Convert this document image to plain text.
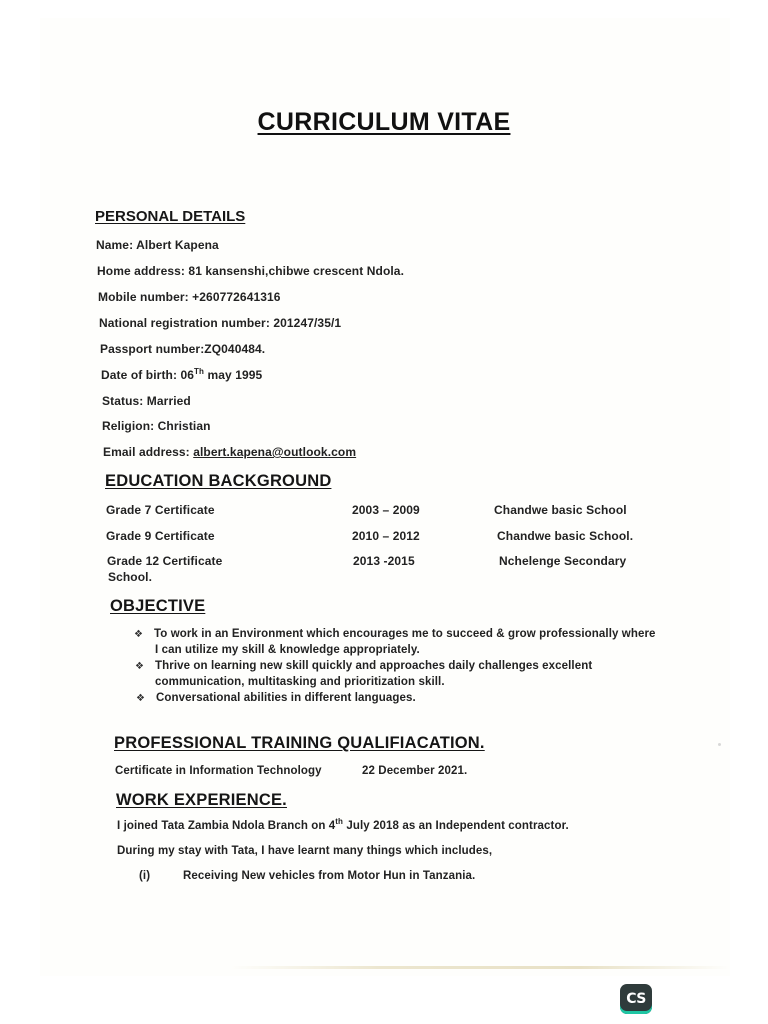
CURRICULUM VITAE
PERSONAL DETAILS
Name: Albert Kapena
Home address: 81 kansenshi,chibwe crescent Ndola.
Mobile number: +260772641316
National registration number: 201247/35/1
Passport number:ZQ040484.
Date of birth: 06Th may 1995
Status: Married
Religion: Christian
Email address: albert.kapena@outlook.com
EDUCATION BACKGROUND
Grade 7 Certificate	2003 – 2009	Chandwe basic School
Grade 9 Certificate	2010 – 2012	Chandwe basic School.
Grade 12 Certificate	2013 -2015	Nchelenge Secondary
School.
OBJECTIVE
❖ To work in an Environment which encourages me to succeed & grow professionally where
I can utilize my skill & knowledge appropriately.
❖ Thrive on learning new skill quickly and approaches daily challenges excellent
communication, multitasking and prioritization skill.
❖ Conversational abilities in different languages.
PROFESSIONAL TRAINING QUALIFIACATION.
Certificate in Information Technology	22 December 2021.
WORK EXPERIENCE.
I joined Tata Zambia Ndola Branch on 4th July 2018 as an Independent contractor.
During my stay with Tata, I have learnt many things which includes,
(i)	Receiving New vehicles from Motor Hun in Tanzania.
CS
